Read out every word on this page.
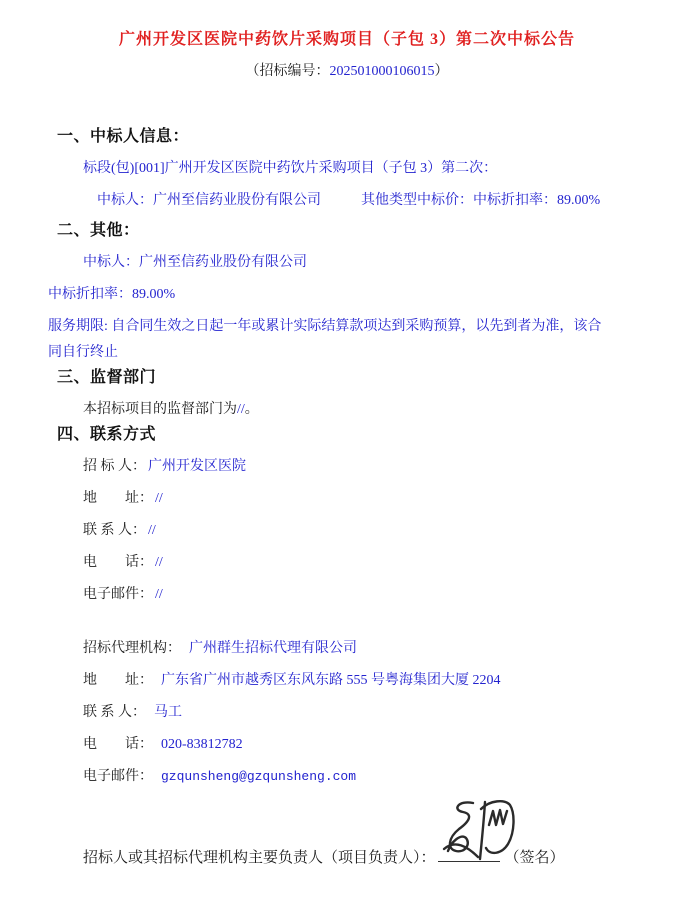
广州开发区医院中药饮片采购项目（子包 3）第二次中标公告
（招标编号：202501000106015）
一、中标人信息：
标段(包)[001]广州开发区医院中药饮片采购项目（子包 3）第二次：
中标人：广州至信药业股份有限公司	其他类型中标价：中标折扣率：89.00%
二、其他：
中标人：广州至信药业股份有限公司
中标折扣率：89.00%
服务期限: 自合同生效之日起一年或累计实际结算款项达到采购预算，以先到者为准，该合
同自行终止
三、监督部门
本招标项目的监督部门为//。
四、联系方式
招 标 人： 广州开发区医院
地　　址： //
联 系 人： //
电　　话： //
电子邮件： //
招标代理机构： 广州群生招标代理有限公司
地　　址： 广东省广州市越秀区东风东路 555 号粤海集团大厦 2204
联 系 人： 马工
电　　话： 020-83812782
电子邮件： gzqunsheng@gzqunsheng.com
招标人或其招标代理机构主要负责人（项目负责人）：	（签名）
